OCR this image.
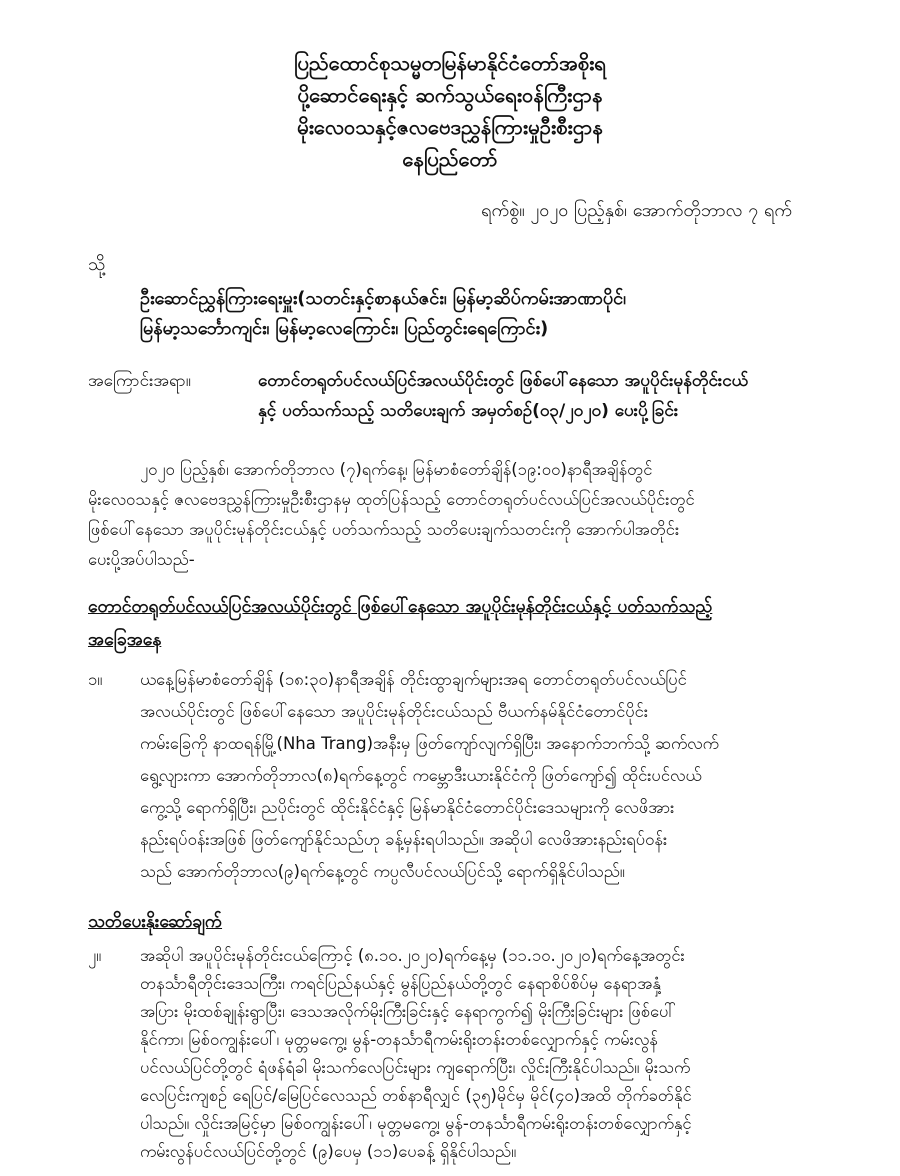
ပြည်ထောင်စုသမ္မတမြန်မာနိုင်ငံတော်အစိုးရ
ပို့ဆောင်ရေးနှင့် ဆက်သွယ်ရေးဝန်ကြီးဌာန
မိုးလေဝသနှင့်ဇလဗေဒညွှန်ကြားမှုဦးစီးဌာန
နေပြည်တော်
ရက်စွဲ။ ၂၀၂၀ ပြည့်နှစ်၊ အောက်တိုဘာလ ၇ ရက်
သို့
ဦးဆောင်ညွှန်ကြားရေးမှူး(သတင်းနှင့်စာနယ်ဇင်း၊ မြန်မာ့ဆိပ်ကမ်းအာဏာပိုင်၊
မြန်မာ့သင်္ဘောကျင်း၊ မြန်မာ့လေကြောင်း၊ ပြည်တွင်းရေကြောင်း)
အကြောင်းအရာ။	တောင်တရုတ်ပင်လယ်ပြင်အလယ်ပိုင်းတွင် ဖြစ်ပေါ်နေသော အပူပိုင်းမုန်တိုင်းငယ်
နှင့် ပတ်သက်သည့် သတိပေးချက် အမှတ်စဉ်(၀၃/၂၀၂၀) ပေးပို့ခြင်း
၂၀၂၀ ပြည့်နှစ်၊ အောက်တိုဘာလ (၇)ရက်နေ့၊ မြန်မာစံတော်ချိန်(၁၉:၀၀)နာရီအချိန်တွင်
မိုးလေဝသနှင့် ဇလဗေဒညွှန်ကြားမှုဦးစီးဌာနမှ ထုတ်ပြန်သည့် တောင်တရုတ်ပင်လယ်ပြင်အလယ်ပိုင်းတွင်
ဖြစ်ပေါ်နေသော အပူပိုင်းမုန်တိုင်းငယ်နှင့် ပတ်သက်သည့် သတိပေးချက်သတင်းကို အောက်ပါအတိုင်း
ပေးပို့အပ်ပါသည်-
တောင်တရုတ်ပင်လယ်ပြင်အလယ်ပိုင်းတွင် ဖြစ်ပေါ်နေသော အပူပိုင်းမုန်တိုင်းငယ်နှင့် ပတ်သက်သည့်
အခြေအနေ
၁။ ယနေ့မြန်မာစံတော်ချိန် (၁၈:၃၀)နာရီအချိန် တိုင်းထွာချက်များအရ တောင်တရုတ်ပင်လယ်ပြင်
အလယ်ပိုင်းတွင် ဖြစ်ပေါ်နေသော အပူပိုင်းမုန်တိုင်းငယ်သည် ဗီယက်နမ်နိုင်ငံတောင်ပိုင်း
ကမ်းခြေကို နာထရန်မြို့(Nha Trang)အနီးမှ ဖြတ်ကျော်လျက်ရှိပြီး၊ အနောက်ဘက်သို့ ဆက်လက်
ရွေ့လျားကာ အောက်တိုဘာလ(၈)ရက်နေ့တွင် ကမ္ဘောဒီးယားနိုင်ငံကို ဖြတ်ကျော်၍ ထိုင်းပင်လယ်
ကွေ့သို့ ရောက်ရှိပြီး၊ ညပိုင်းတွင် ထိုင်းနိုင်ငံနှင့် မြန်မာနိုင်ငံတောင်ပိုင်းဒေသများကို လေဖိအား
နည်းရပ်ဝန်းအဖြစ် ဖြတ်ကျော်နိုင်သည်ဟု ခန့်မှန်းရပါသည်။ အဆိုပါ လေဖိအားနည်းရပ်ဝန်း
သည် အောက်တိုဘာလ(၉)ရက်နေ့တွင် ကပ္ပလီပင်လယ်ပြင်သို့ ရောက်ရှိနိုင်ပါသည်။
သတိပေးနိုးဆော်ချက်
၂။ အဆိုပါ အပူပိုင်းမုန်တိုင်းငယ်ကြောင့် (၈.၁၀.၂၀၂၀)ရက်နေ့မှ (၁၁.၁၀.၂၀၂၀)ရက်နေ့အတွင်း
တနင်္သာရီတိုင်းဒေသကြီး၊ ကရင်ပြည်နယ်နှင့် မွန်ပြည်နယ်တို့တွင် နေရာစိပ်စိပ်မှ နေရာအနှံ့
အပြား မိုးထစ်ချုန်းရွာပြီး၊ ဒေသအလိုက်မိုးကြီးခြင်းနှင့် နေရာကွက်၍ မိုးကြီးခြင်းများ ဖြစ်ပေါ်
နိုင်ကာ၊ မြစ်ဝကျွန်းပေါ်၊ မုတ္တမကွေ့၊ မွန်-တနင်္သာရီကမ်းရိုးတန်းတစ်လျှောက်နှင့် ကမ်းလွန်
ပင်လယ်ပြင်တို့တွင် ရံဖန်ရံခါ မိုးသက်လေပြင်းများ ကျရောက်ပြီး၊ လှိုင်းကြီးနိုင်ပါသည်။ မိုးသက်
လေပြင်းကျစဉ် ရေပြင်/မြေပြင်လေသည် တစ်နာရီလျှင် (၃၅)မိုင်မှ မိုင်(၄၀)အထိ တိုက်ခတ်နိုင်
ပါသည်။ လှိုင်းအမြင့်မှာ မြစ်ဝကျွန်းပေါ်၊ မုတ္တမကွေ့၊ မွန်-တနင်္သာရီကမ်းရိုးတန်းတစ်လျှောက်နှင့်
ကမ်းလွန်ပင်လယ်ပြင်တို့တွင် (၉)ပေမှ (၁၁)ပေခန့် ရှိနိုင်ပါသည်။
